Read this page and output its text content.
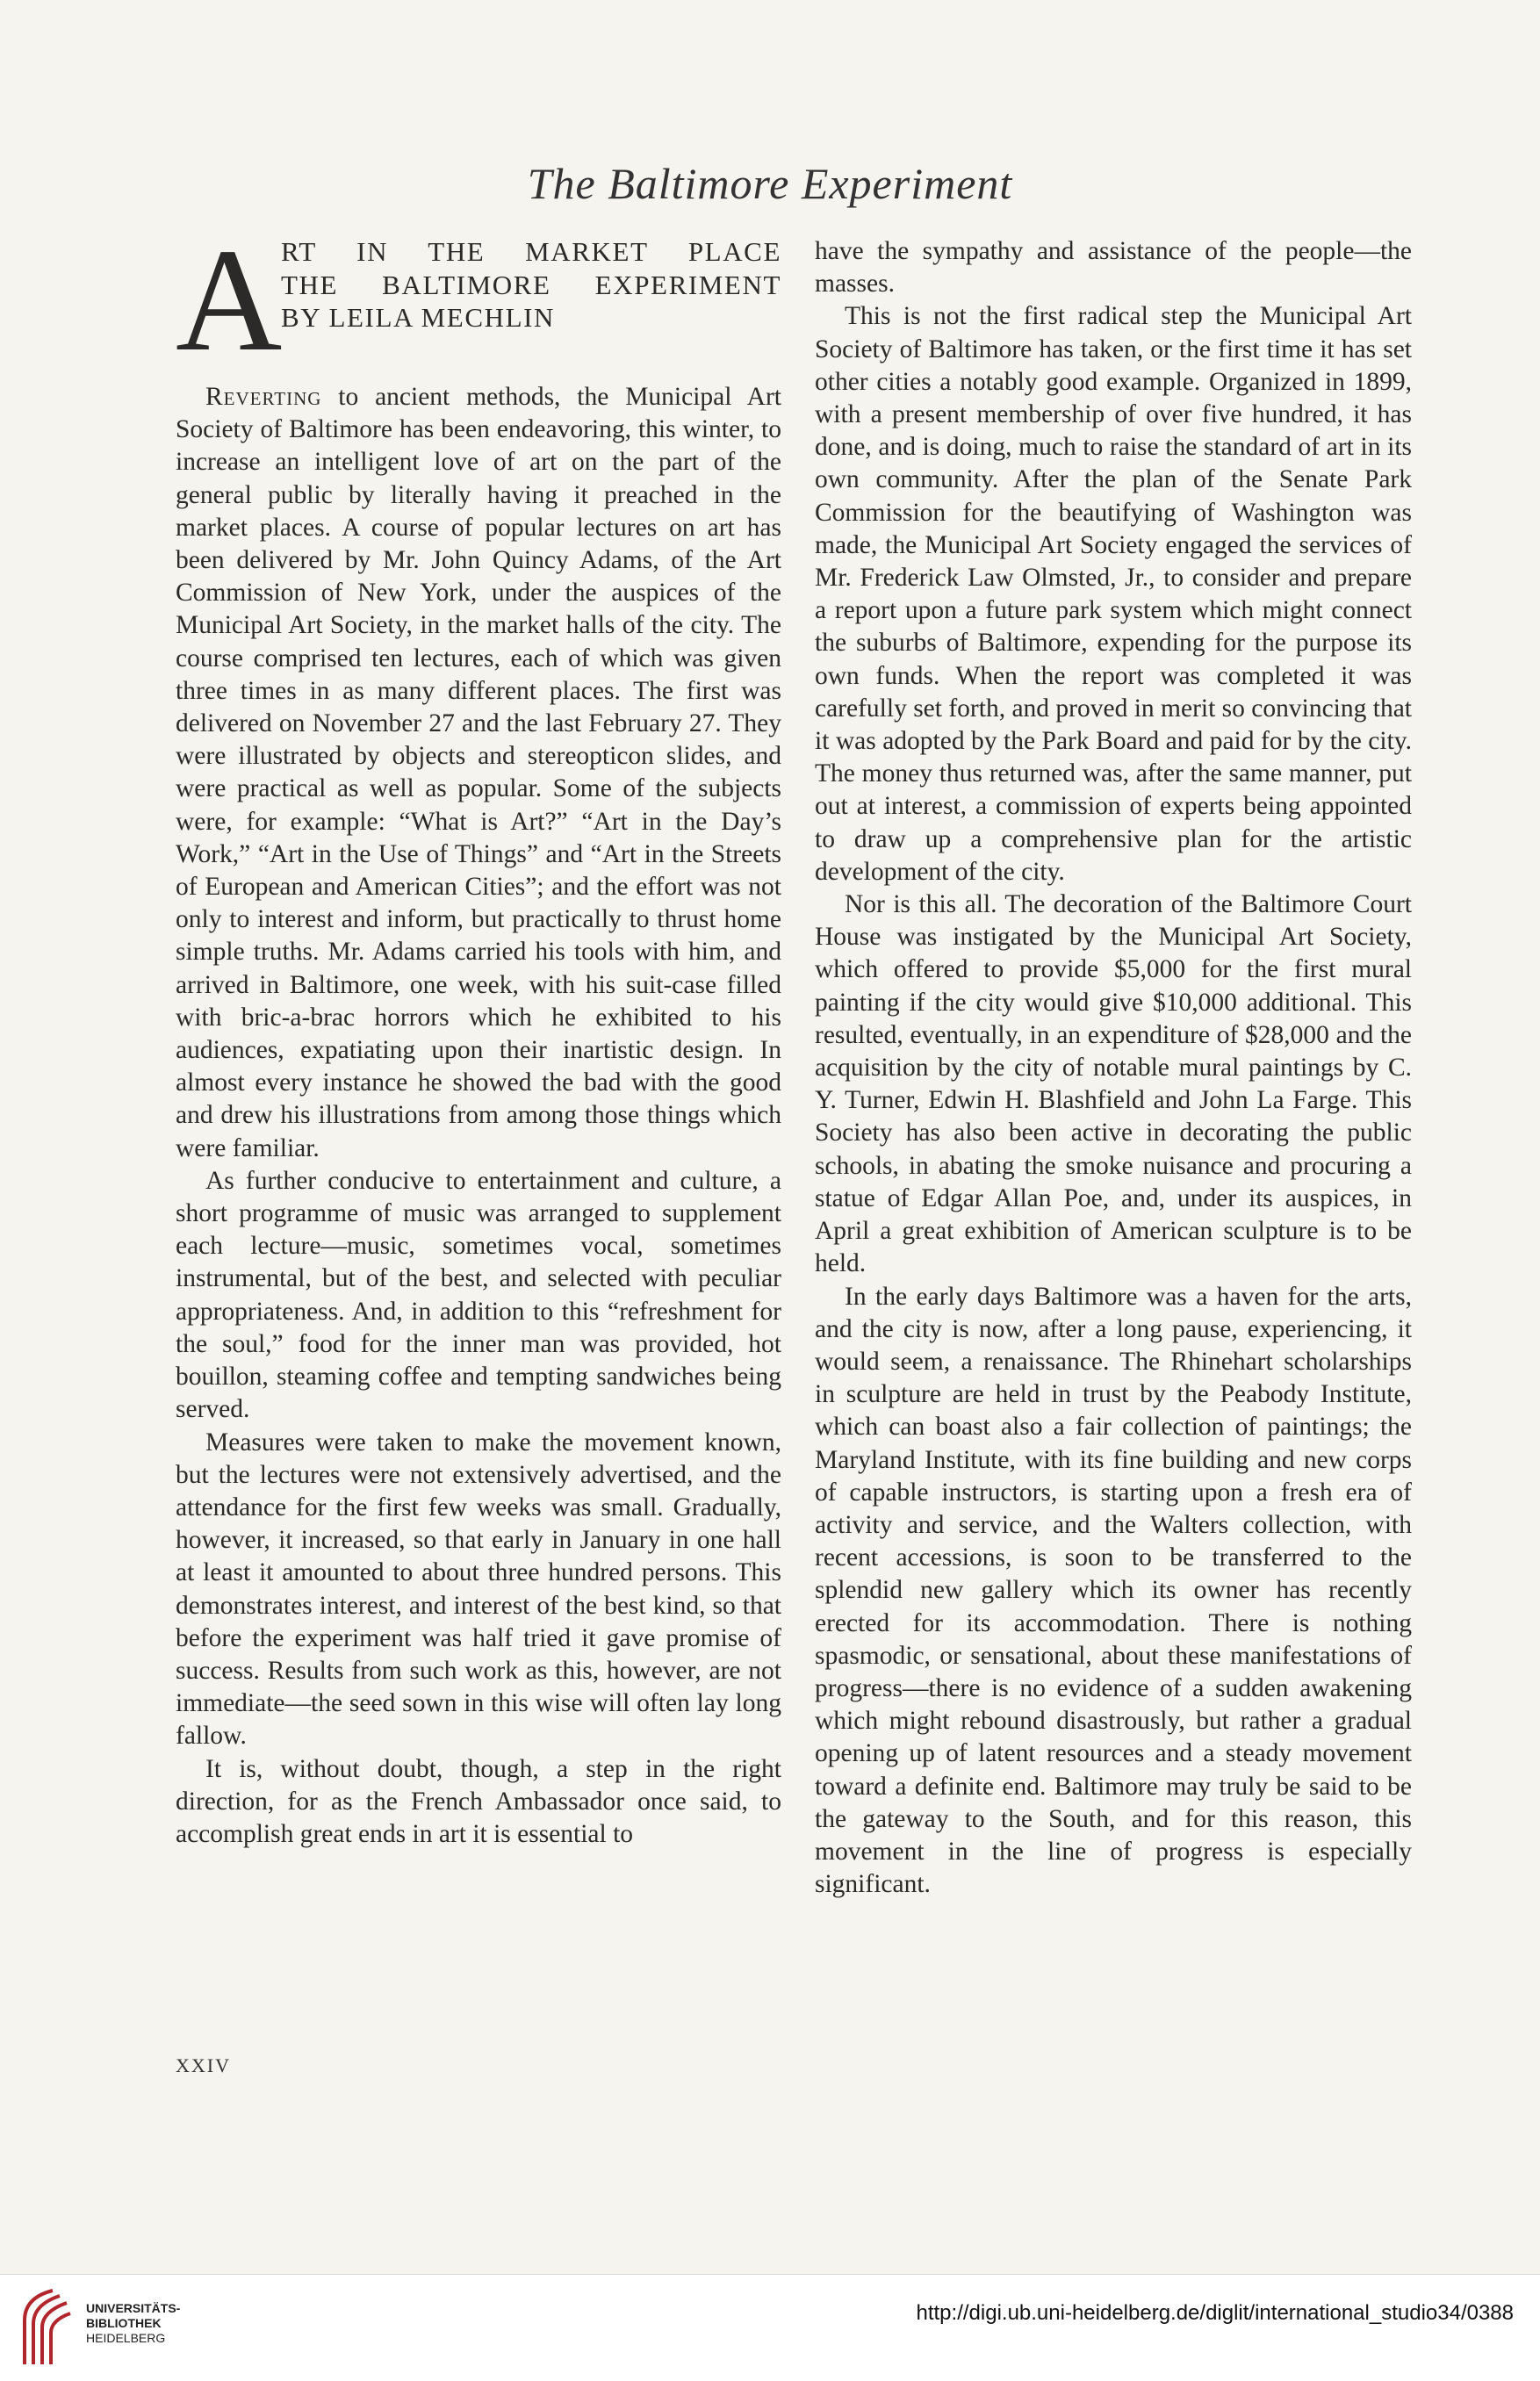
The Baltimore Experiment
A
RT IN THE MARKET PLACE
THE BALTIMORE EXPERIMENT
BY LEILA MECHLIN

Reverting to ancient methods, the Municipal Art Society of Baltimore has been endeavoring, this winter, to increase an intelligent love of art on the part of the general public by literally having it preached in the market places. A course of popular lectures on art has been delivered by Mr. John Quincy Adams, of the Art Commission of New York, under the auspices of the Municipal Art Society, in the market halls of the city. The course comprised ten lectures, each of which was given three times in as many different places. The first was delivered on November 27 and the last February 27. They were illustrated by objects and stereopticon slides, and were practical as well as popular. Some of the subjects were, for example: “What is Art?” “Art in the Day’s Work,” “Art in the Use of Things” and “Art in the Streets of European and American Cities”; and the effort was not only to interest and inform, but practically to thrust home simple truths. Mr. Adams carried his tools with him, and arrived in Baltimore, one week, with his suit-case filled with bric-a-brac horrors which he exhibited to his audiences, expatiating upon their inartistic design. In almost every instance he showed the bad with the good and drew his illustrations from among those things which were familiar.

As further conducive to entertainment and culture, a short programme of music was arranged to supplement each lecture—music, sometimes vocal, sometimes instrumental, but of the best, and selected with peculiar appropriateness. And, in addition to this “refreshment for the soul,” food for the inner man was provided, hot bouillon, steaming coffee and tempting sandwiches being served.

Measures were taken to make the movement known, but the lectures were not extensively advertised, and the attendance for the first few weeks was small. Gradually, however, it increased, so that early in January in one hall at least it amounted to about three hundred persons. This demonstrates interest, and interest of the best kind, so that before the experiment was half tried it gave promise of success. Results from such work as this, however, are not immediate—the seed sown in this wise will often lay long fallow.

It is, without doubt, though, a step in the right direction, for as the French Ambassador once said, to accomplish great ends in art it is essential to

have the sympathy and assistance of the people—the masses.

This is not the first radical step the Municipal Art Society of Baltimore has taken, or the first time it has set other cities a notably good example. Organized in 1899, with a present membership of over five hundred, it has done, and is doing, much to raise the standard of art in its own community. After the plan of the Senate Park Commission for the beautifying of Washington was made, the Municipal Art Society engaged the services of Mr. Frederick Law Olmsted, Jr., to consider and prepare a report upon a future park system which might connect the suburbs of Baltimore, expending for the purpose its own funds. When the report was completed it was carefully set forth, and proved in merit so convincing that it was adopted by the Park Board and paid for by the city. The money thus returned was, after the same manner, put out at interest, a commission of experts being appointed to draw up a comprehensive plan for the artistic development of the city.

Nor is this all. The decoration of the Baltimore Court House was instigated by the Municipal Art Society, which offered to provide $5,000 for the first mural painting if the city would give $10,000 additional. This resulted, eventually, in an expenditure of $28,000 and the acquisition by the city of notable mural paintings by C. Y. Turner, Edwin H. Blashfield and John La Farge. This Society has also been active in decorating the public schools, in abating the smoke nuisance and procuring a statue of Edgar Allan Poe, and, under its auspices, in April a great exhibition of American sculpture is to be held.

In the early days Baltimore was a haven for the arts, and the city is now, after a long pause, experiencing, it would seem, a renaissance. The Rhinehart scholarships in sculpture are held in trust by the Peabody Institute, which can boast also a fair collection of paintings; the Maryland Institute, with its fine building and new corps of capable instructors, is starting upon a fresh era of activity and service, and the Walters collection, with recent accessions, is soon to be transferred to the splendid new gallery which its owner has recently erected for its accommodation. There is nothing spasmodic, or sensational, about these manifestations of progress—there is no evidence of a sudden awakening which might rebound disastrously, but rather a gradual opening up of latent resources and a steady movement toward a definite end. Baltimore may truly be said to be the gateway to the South, and for this reason, this movement in the line of progress is especially significant.

XXIV
UNIVERSITÄTS-
BIBLIOTHEK
HEIDELBERG
http://digi.ub.uni-heidelberg.de/diglit/international_studio34/0388
